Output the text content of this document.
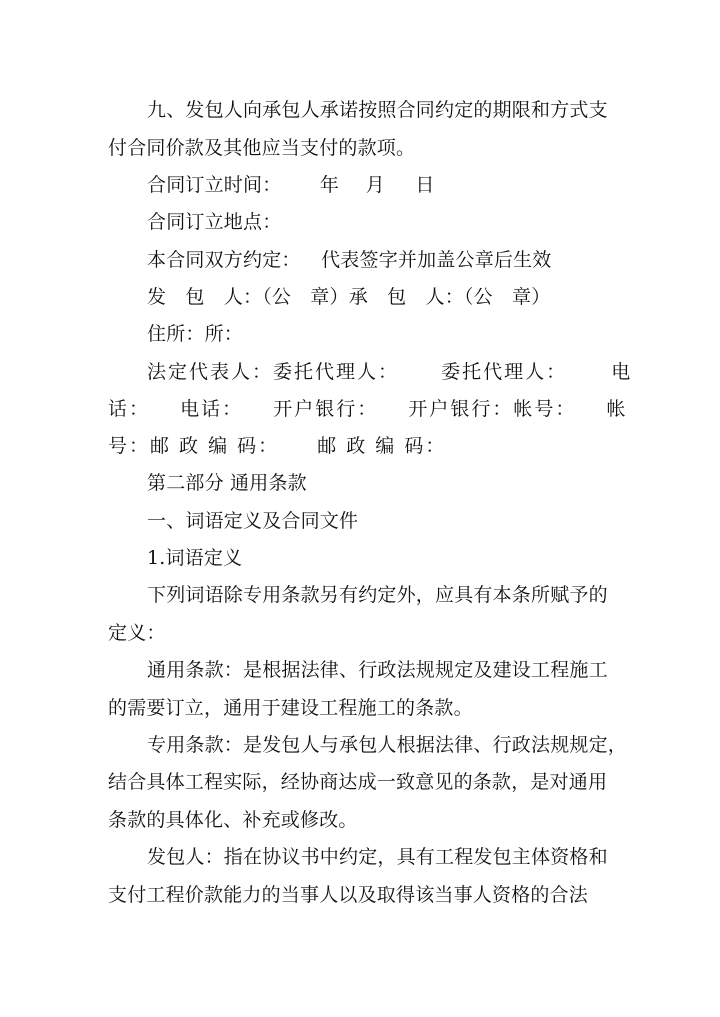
九、发包人向承包人承诺按照合同约定的期限和方式支
付合同价款及其他应当支付的款项。
合同订立时间： 年 月 日
合同订立地点：
本合同双方约定： 代表签字并加盖公章后生效
发　包　人：（公　章）承　包　人：（公　章）
住所：所：
法定代表人：委托代理人： 委托代理人： 电
话： 电话： 开户银行： 开户银行：帐号： 帐
号：邮 政 编 码： 邮 政 编 码：
第二部分 通用条款
一、词语定义及合同文件
1.词语定义
下列词语除专用条款另有约定外，应具有本条所赋予的
定义：
通用条款：是根据法律、行政法规规定及建设工程施工
的需要订立，通用于建设工程施工的条款。
专用条款：是发包人与承包人根据法律、行政法规规定，
结合具体工程实际，经协商达成一致意见的条款，是对通用
条款的具体化、补充或修改。
发包人：指在协议书中约定，具有工程发包主体资格和
支付工程价款能力的当事人以及取得该当事人资格的合法
